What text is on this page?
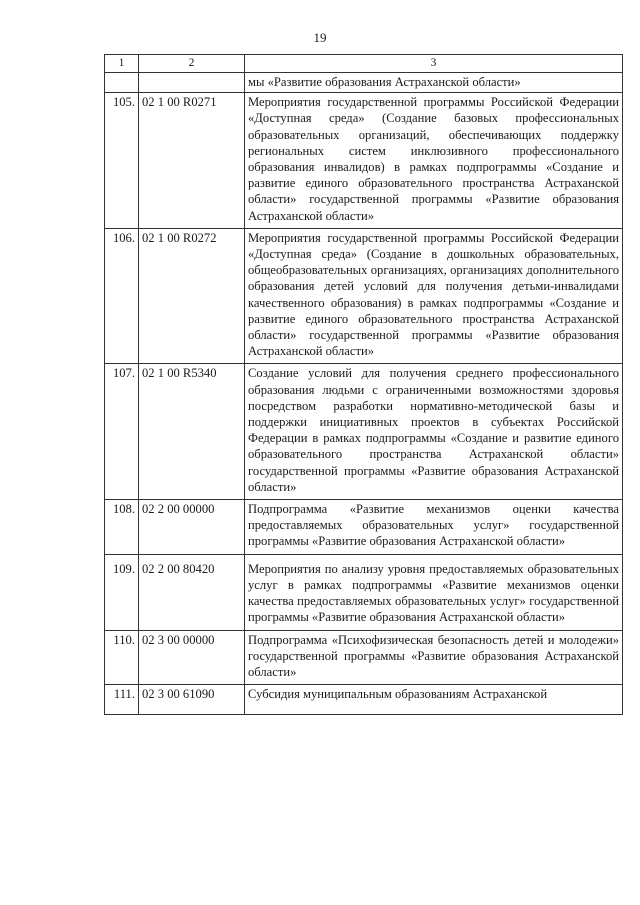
19
1	2	3
		мы «Развитие образования Астраханской области»
105.	02 1 00 R0271	Мероприятия государственной программы Российской Федерации «Доступная среда» (Создание базовых профессиональных образовательных организаций, обеспечивающих поддержку региональных систем инклюзивного профессионального образования инвалидов) в рамках подпрограммы «Создание и развитие единого образовательного пространства Астраханской области» государственной программы «Развитие образования Астраханской области»
106.	02 1 00 R0272	Мероприятия государственной программы Российской Федерации «Доступная среда» (Создание в дошкольных образовательных, общеобразовательных организациях, организациях дополнительного образования детей условий для получения детьми-инвалидами качественного образования) в рамках подпрограммы «Создание и развитие единого образовательного пространства Астраханской области» государственной программы «Развитие образования Астраханской области»
107.	02 1 00 R5340	Создание условий для получения среднего профессионального образования людьми с ограниченными возможностями здоровья посредством разработки нормативно-методической базы и поддержки инициативных проектов в субъектах Российской Федерации в рамках подпрограммы «Создание и развитие единого образовательного пространства Астраханской области» государственной программы «Развитие образования Астраханской области»
108.	02 2 00 00000	Подпрограмма «Развитие механизмов оценки качества предоставляемых образовательных услуг» государственной программы «Развитие образования Астраханской области»
109.	02 2 00 80420	Мероприятия по анализу уровня предоставляемых образовательных услуг в рамках подпрограммы «Развитие механизмов оценки качества предоставляемых образовательных услуг» государственной программы «Развитие образования Астраханской области»
110.	02 3 00 00000	Подпрограмма «Психофизическая безопасность детей и молодежи» государственной программы «Развитие образования Астраханской области»
111.	02 3 00 61090	Субсидия муниципальным образованиям Астраханской
